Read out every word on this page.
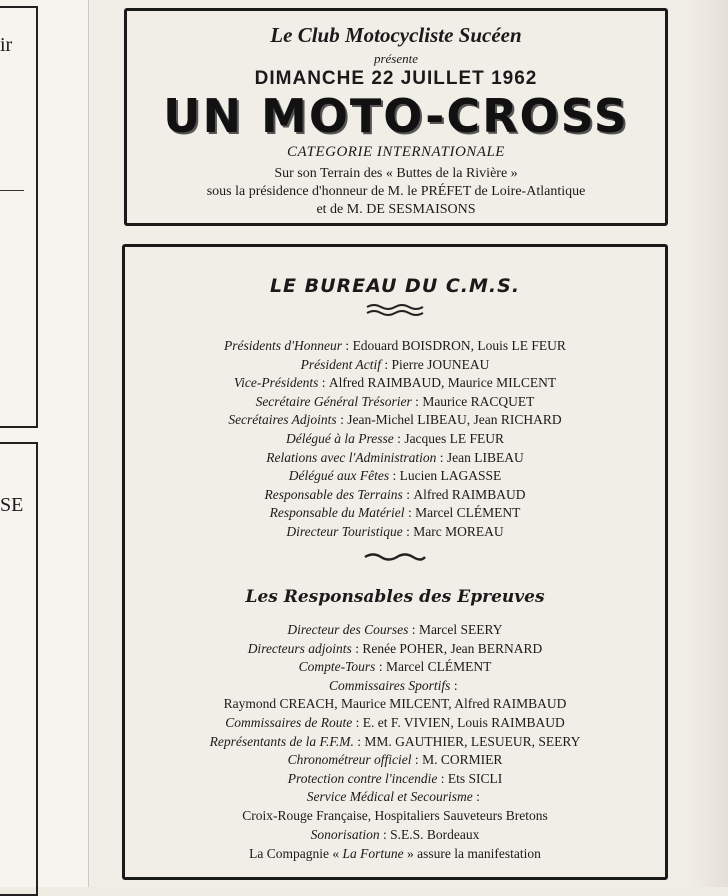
ir
SE
Le Club Motocycliste Sucéen
présente
DIMANCHE 22 JUILLET 1962
UN MOTO-CROSS
CATEGORIE INTERNATIONALE
Sur son Terrain des « Buttes de la Rivière »
sous la présidence d'honneur de M. le PRÉFET de Loire-Atlantique
et de M. DE SESMAISONS
LE BUREAU DU C.M.S.
Présidents d'Honneur : Edouard BOISDRON, Louis LE FEUR
Président Actif : Pierre JOUNEAU
Vice-Présidents : Alfred RAIMBAUD, Maurice MILCENT
Secrétaire Général Trésorier : Maurice RACQUET
Secrétaires Adjoints : Jean-Michel LIBEAU, Jean RICHARD
Délégué à la Presse : Jacques LE FEUR
Relations avec l'Administration : Jean LIBEAU
Délégué aux Fêtes : Lucien LAGASSE
Responsable des Terrains : Alfred RAIMBAUD
Responsable du Matériel : Marcel CLÉMENT
Directeur Touristique : Marc MOREAU
Les Responsables des Epreuves
Directeur des Courses : Marcel SEERY
Directeurs adjoints : Renée POHER, Jean BERNARD
Compte-Tours : Marcel CLÉMENT
Commissaires Sportifs :
Raymond CREACH, Maurice MILCENT, Alfred RAIMBAUD
Commissaires de Route : E. et F. VIVIEN, Louis RAIMBAUD
Représentants de la F.F.M. : MM. GAUTHIER, LESUEUR, SEERY
Chronométreur officiel : M. CORMIER
Protection contre l'incendie : Ets SICLI
Service Médical et Secourisme :
Croix-Rouge Française, Hospitaliers Sauveteurs Bretons
Sonorisation : S.E.S. Bordeaux
La Compagnie « La Fortune » assure la manifestation
